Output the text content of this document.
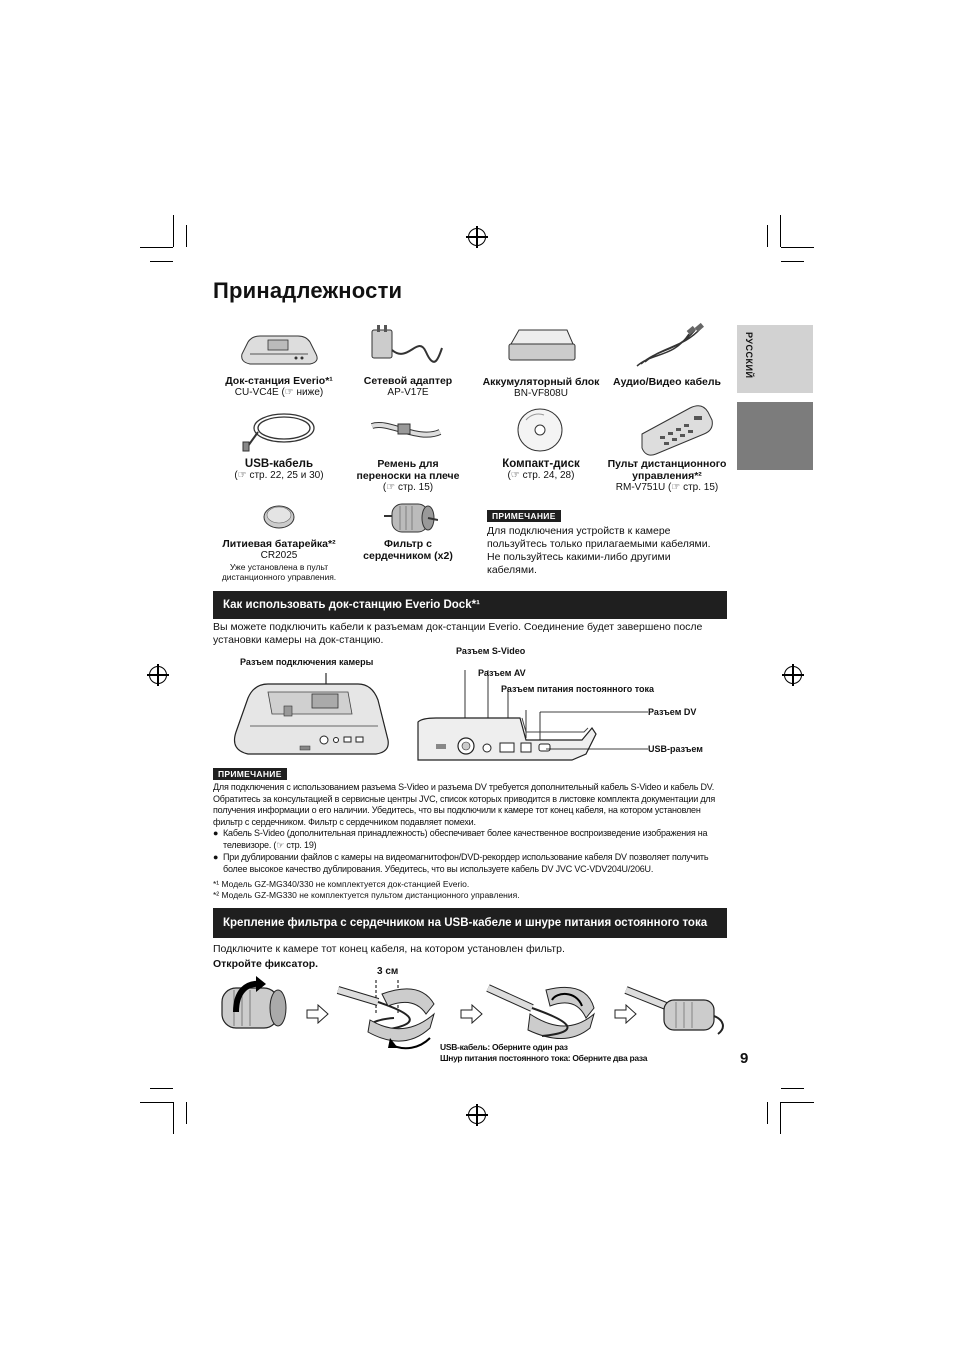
Принадлежности
РУССКИЙ
Док-станция Everio*¹
CU-VC4E (☞ ниже)
Сетевой адаптер
AP-V17E
Аккумуляторный блок
BN-VF808U
Аудио/Видео кабель
USB-кабель
(☞ стр. 22, 25 и 30)
Ремень для переноски на плече
(☞ стр. 15)
Компакт-диск
(☞ стр. 24, 28)
Пульт дистанционного управления*²
RM-V751U (☞ стр. 15)
Литиевая батарейка*²
CR2025
Уже установлена в пульт дистанционного управления.
Фильтр с сердечником (x2)
ПРИМЕЧАНИЕ
Для подключения устройств к камере пользуйтесь только прилагаемыми кабелями. Не пользуйтесь какими-либо другими кабелями.
Как использовать док-станцию Everio Dock*¹
Вы можете подключить кабели к разъемам док-станции Everio. Соединение будет завершено после установки камеры на док-станцию.
Разъем подключения камеры
Разъем S-Video
Разъем AV
Разъем питания постоянного тока
Разъем DV
USB-разъем
ПРИМЕЧАНИЕ
Для подключения с использованием разъема S-Video и разъема DV требуется дополнительный кабель S-Video и кабель DV. Обратитесь за консультацией в сервисные центры JVC, список которых приводится в листовке комплекта документации для получения информации о его наличии. Убедитесь, что вы подключили к камере тот конец кабеля, на котором установлен фильтр с сердечником. Фильтр с сердечником подавляет помехи.
● Кабель S-Video (дополнительная принадлежность) обеспечивает более качественное воспроизведение изображения на телевизоре. (☞ стр. 19)
● При дублировании файлов с камеры на видеомагнитофон/DVD-рекордер использование кабеля DV позволяет получить более высокое качество дублирования. Убедитесь, что вы используете кабель DV JVC VC-VDV204U/206U.
*¹ Модель GZ-MG340/330 не комплектуется док-станцией Everio.
*² Модель GZ-MG330 не комплектуется пультом дистанционного управления.
Крепление фильтра с сердечником на USB-кабеле и шнуре питания остоянного тока
Подключите к камере тот конец кабеля, на котором установлен фильтр.
Откройте фиксатор.
3 см
USB-кабель: Оберните один раз
Шнур питания постоянного тока: Оберните два раза	9
